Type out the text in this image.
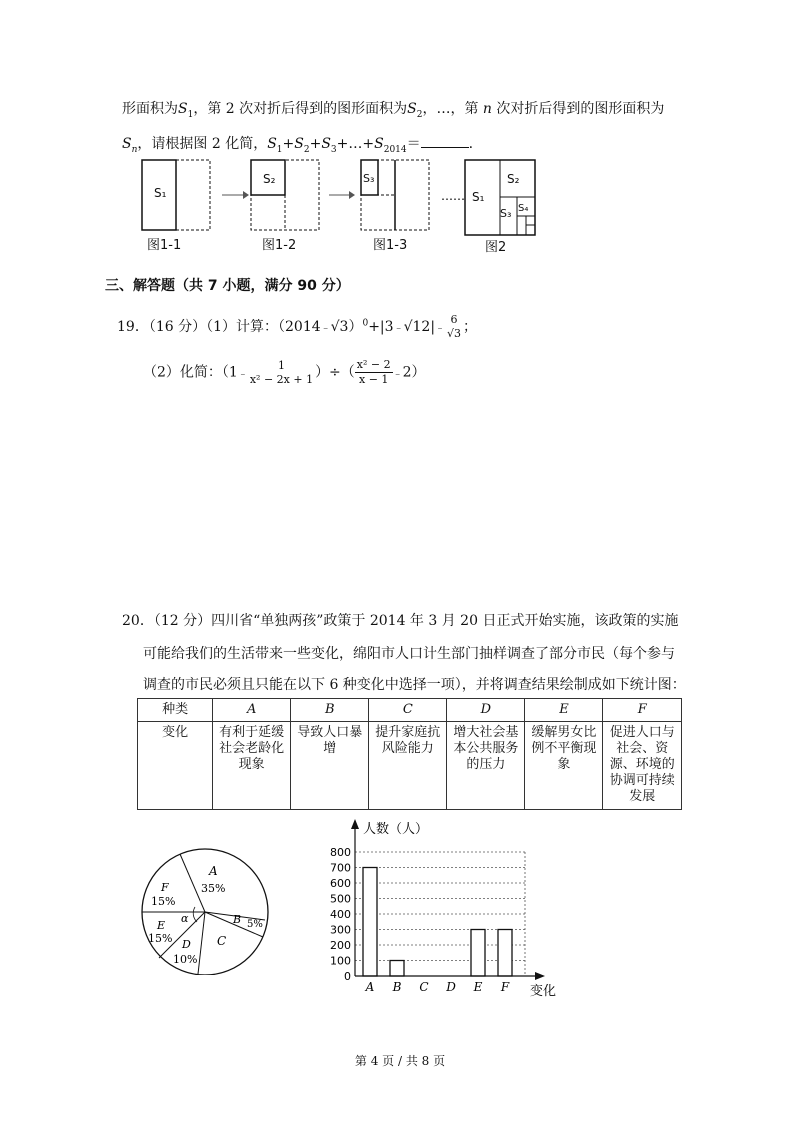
形面积为$S_1$，第 2 次对折后得到的图形面积为$S_2$，…，第 n 次对折后得到的图形面积为
$S_n$，请根据图 2 化简，$S_1+S_2+S_3+\dots+S_{2014}=$	.
……
S₁
S₂	S₃
S₁
S₂
S₃ S₄
图1-1	图1-2	图1-3	图2
三、解答题（共 7 小题，满分 90 分）
19．（16 分）（1）计算：（2014﹣√3）$^0$+|3﹣√12|﹣
6
√3 ；
（2）化简：（1﹣
1
x² − 2x + 1 ）÷（ $\frac{\text{x² − 2}}{x - 1}$ ﹣2）
20．（12 分）四川省“单独两孩”政策于 2014 年 3 月 20 日正式开始实施，该政策的实施
可能给我们的生活带来一些变化，绵阳市人口计生部门抽样调查了部分市民（每个参与
调查的市民必须且只能在以下 6 种变化中选择一项），并将调查结果绘制成如下统计图：
种类	A	B	C	D	E	F
变化	有利于延缓社会老龄化现象	导致人口暴增	提升家庭抗风险能力	增大社会基本公共服务的压力	缓解男女比例不平衡现象	促进人口与社会、资源、环境的协调可持续发展
A
35%
B 5%
C
D
10%
E
15%
F
15%
α
0
100
200
300
400
500
600
700
800
A B C D E F
人数（人）
变化
第 4 页 / 共 8 页
